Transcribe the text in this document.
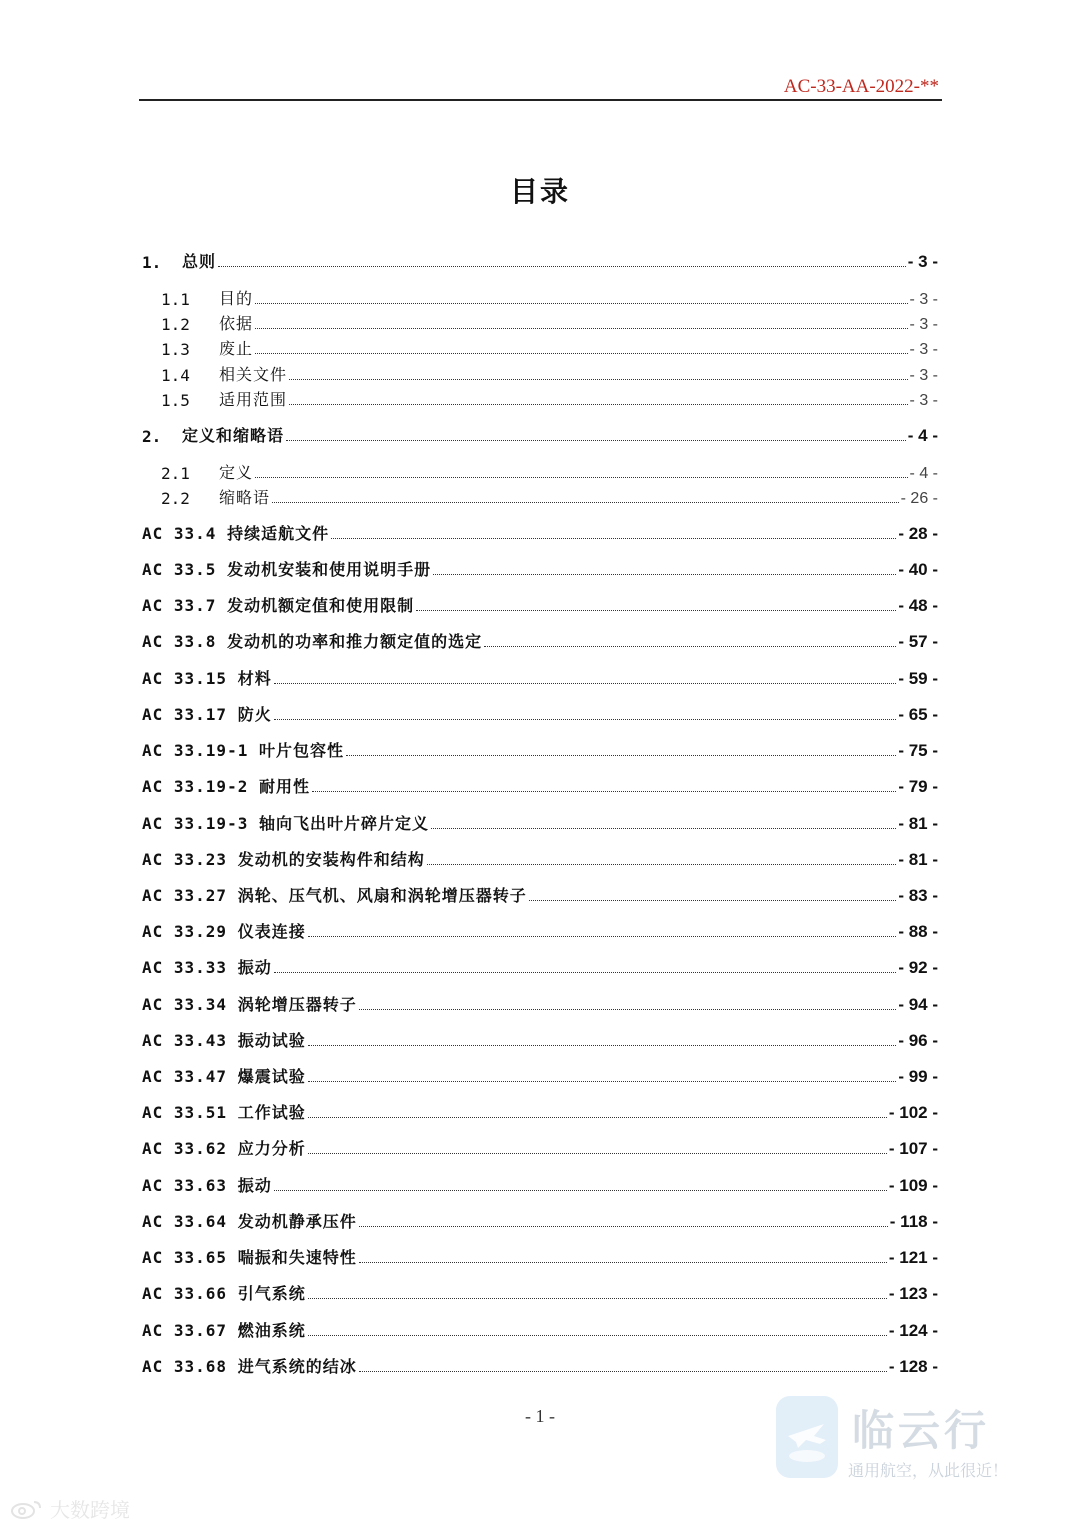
AC-33-AA-2022-**
目录
1.	总则	- 3 -
1.1	目的	- 3 -
1.2	依据	- 3 -
1.3	废止	- 3 -
1.4	相关文件	- 3 -
1.5	适用范围	- 3 -
2.	定义和缩略语	- 4 -
2.1	定义	- 4 -
2.2	缩略语	- 26 -
AC 33.4 持续适航文件	- 28 -
AC 33.5 发动机安装和使用说明手册	- 40 -
AC 33.7 发动机额定值和使用限制	- 48 -
AC 33.8 发动机的功率和推力额定值的选定	- 57 -
AC 33.15 材料	- 59 -
AC 33.17 防火	- 65 -
AC 33.19-1 叶片包容性	- 75 -
AC 33.19-2 耐用性	- 79 -
AC 33.19-3 轴向飞出叶片碎片定义	- 81 -
AC 33.23 发动机的安装构件和结构	- 81 -
AC 33.27 涡轮、压气机、风扇和涡轮增压器转子	- 83 -
AC 33.29 仪表连接	- 88 -
AC 33.33 振动	- 92 -
AC 33.34 涡轮增压器转子	- 94 -
AC 33.43 振动试验	- 96 -
AC 33.47 爆震试验	- 99 -
AC 33.51 工作试验	- 102 -
AC 33.62 应力分析	- 107 -
AC 33.63 振动	- 109 -
AC 33.64 发动机静承压件	- 118 -
AC 33.65 喘振和失速特性	- 121 -
AC 33.66 引气系统	- 123 -
AC 33.67 燃油系统	- 124 -
AC 33.68 进气系统的结冰	- 128 -
临云行
通用航空，从此很近！
- 1 -
大数跨境
